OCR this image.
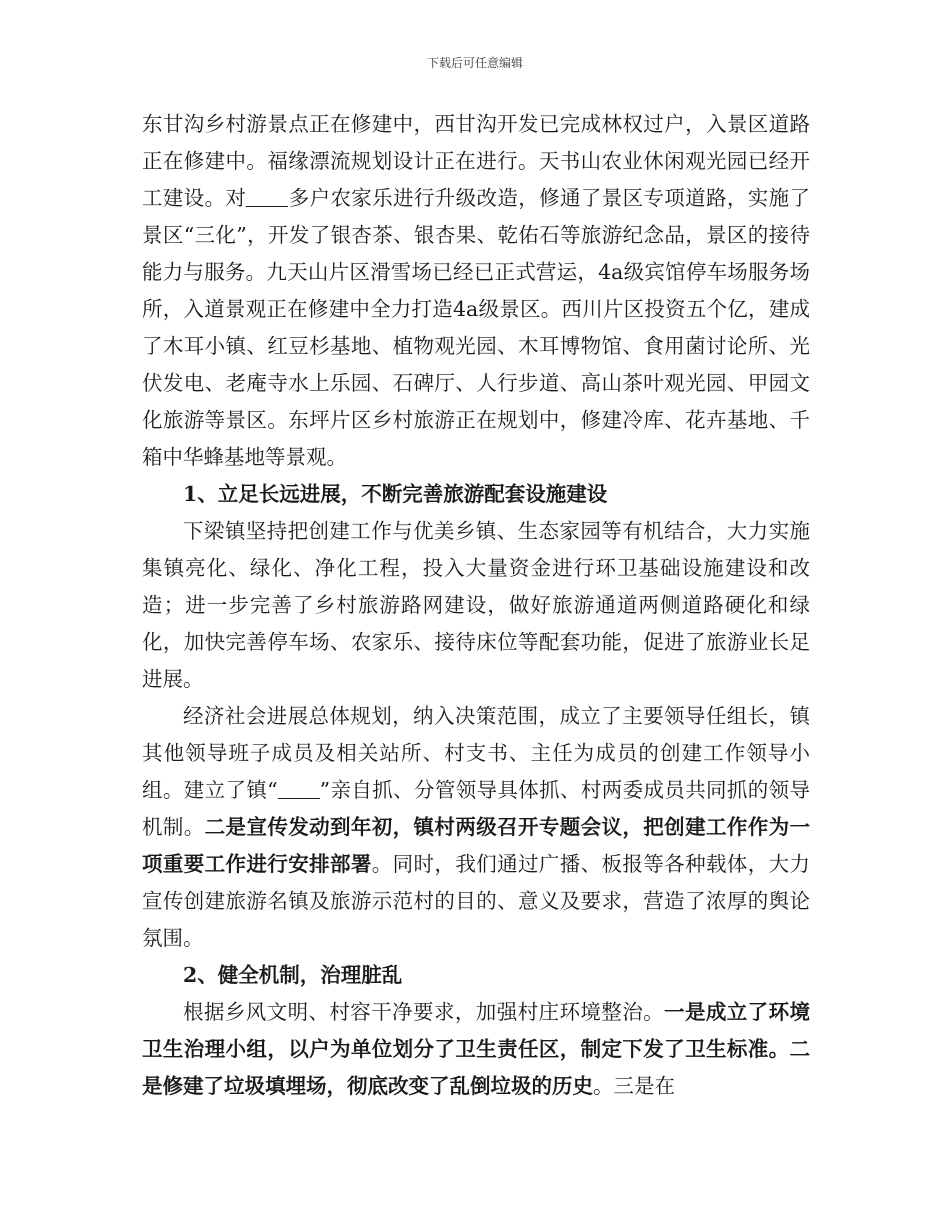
下载后可任意编辑

东甘沟乡村游景点正在修建中，西甘沟开发已完成林权过户，入景区道路正在修建中。福缘漂流规划设计正在进行。天书山农业休闲观光园已经开工建设。对 多户农家乐进行升级改造，修通了景区专项道路，实施了景区“三化”，开发了银杏茶、银杏果、乾佑石等旅游纪念品，景区的接待能力与服务。九天山片区滑雪场已经已正式营运，4a级宾馆停车场服务场所，入道景观正在修建中全力打造4a级景区。西川片区投资五个亿，建成了木耳小镇、红豆杉基地、植物观光园、木耳博物馆、食用菌讨论所、光伏发电、老庵寺水上乐园、石碑厅、人行步道、高山茶叶观光园、甲园文化旅游等景区。东坪片区乡村旅游正在规划中，修建冷库、花卉基地、千箱中华蜂基地等景观。

1、立足长远进展，不断完善旅游配套设施建设

下梁镇坚持把创建工作与优美乡镇、生态家园等有机结合，大力实施集镇亮化、绿化、净化工程，投入大量资金进行环卫基础设施建设和改造；进一步完善了乡村旅游路网建设，做好旅游通道两侧道路硬化和绿化，加快完善停车场、农家乐、接待床位等配套功能，促进了旅游业长足进展。

经济社会进展总体规划，纳入决策范围，成立了主要领导任组长，镇其他领导班子成员及相关站所、村支书、主任为成员的创建工作领导小组。建立了镇“ ”亲自抓、分管领导具体抓、村两委成员共同抓的领导机制。二是宣传发动到年初，镇村两级召开专题会议，把创建工作作为一项重要工作进行安排部署。同时，我们通过广播、板报等各种载体，大力宣传创建旅游名镇及旅游示范村的目的、意义及要求，营造了浓厚的舆论氛围。

2、健全机制，治理脏乱

根据乡风文明、村容干净要求，加强村庄环境整治。一是成立了环境卫生治理小组，以户为单位划分了卫生责任区，制定下发了卫生标准。二是修建了垃圾填埋场，彻底改变了乱倒垃圾的历史。三是在
